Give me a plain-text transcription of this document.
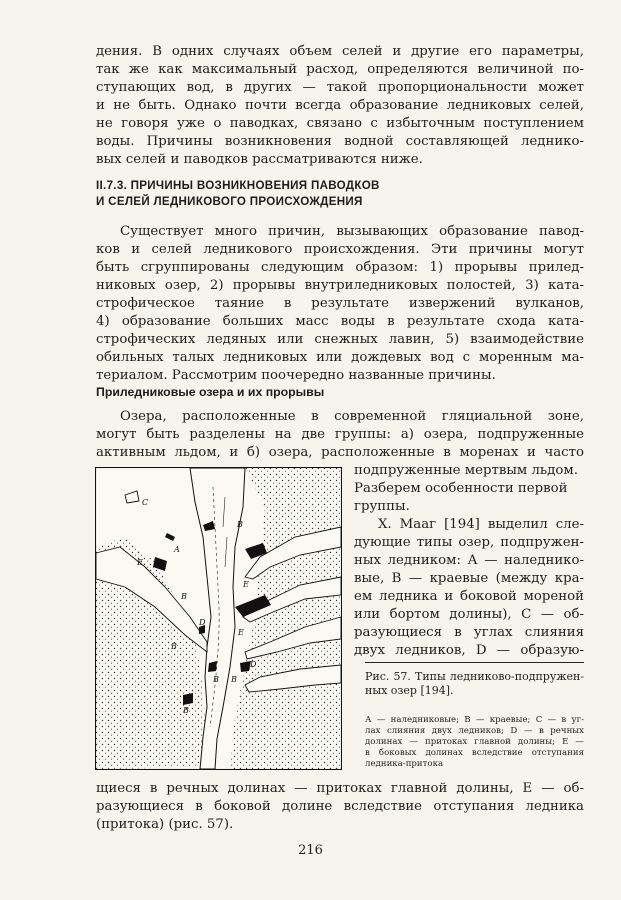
дения. В одних случаях объем селей и другие его параметры,

так же как максимальный расход, определяются величиной по-

ступающих вод, в других — такой пропорциональности может

и не быть. Однако почти всегда образование ледниковых селей,

не говоря уже о паводках, связано с избыточным поступлением

воды. Причины возникновения водной составляющей леднико-

вых селей и паводков рассматриваются ниже.

II.7.3. ПРИЧИНЫ ВОЗНИКНОВЕНИЯ ПАВОДКОВ

И СЕЛЕЙ ЛЕДНИКОВОГО ПРОИСХОЖДЕНИЯ

Существует много причин, вызывающих образование павод-

ков и селей ледникового происхождения. Эти причины могут

быть сгруппированы следующим образом: 1) прорывы прилед-

никовых озер, 2) прорывы внутриледниковых полостей, 3) ката-

строфическое таяние в результате извержений вулканов,

4) образование больших масс воды в результате схода ката-

строфических ледяных или снежных лавин, 5) взаимодействие

обильных талых ледниковых или дождевых вод с моренным ма-

териалом. Рассмотрим поочередно названные причины.

Приледниковые озера и их прорывы

Озера, расположенные в современной гляциальной зоне,

могут быть разделены на две группы: а) озера, подпруженные

активным льдом, и б) озера, расположенные в моренах и часто

подпруженные мертвым льдом.

Разберем особенности первой

группы.

Х. Мааг [194] выделил сле-

дующие типы озер, подпружен-

ных ледником: А — наледнико-

вые, В — краевые (между кра-

ем ледника и боковой мореной

или бортом долины), С — об-

разующиеся в углах слияния

двух ледников, D — образую-

C
B
A
E
E
E
B
D
D
B
B B
B

Рис. 57. Типы ледниково-подпружен-

ных озер [194].

А — наледниковые; В — краевые; С — в уг-

лах слияния двух ледников; D — в речных

долинах — притоках главной долины; Е —

в боковых долинах вследствие отступания

ледника-притока

щиеся в речных долинах — притоках главной долины, Е — об-

разующиеся в боковой долине вследствие отступания ледника

(притока) (рис. 57).

216
